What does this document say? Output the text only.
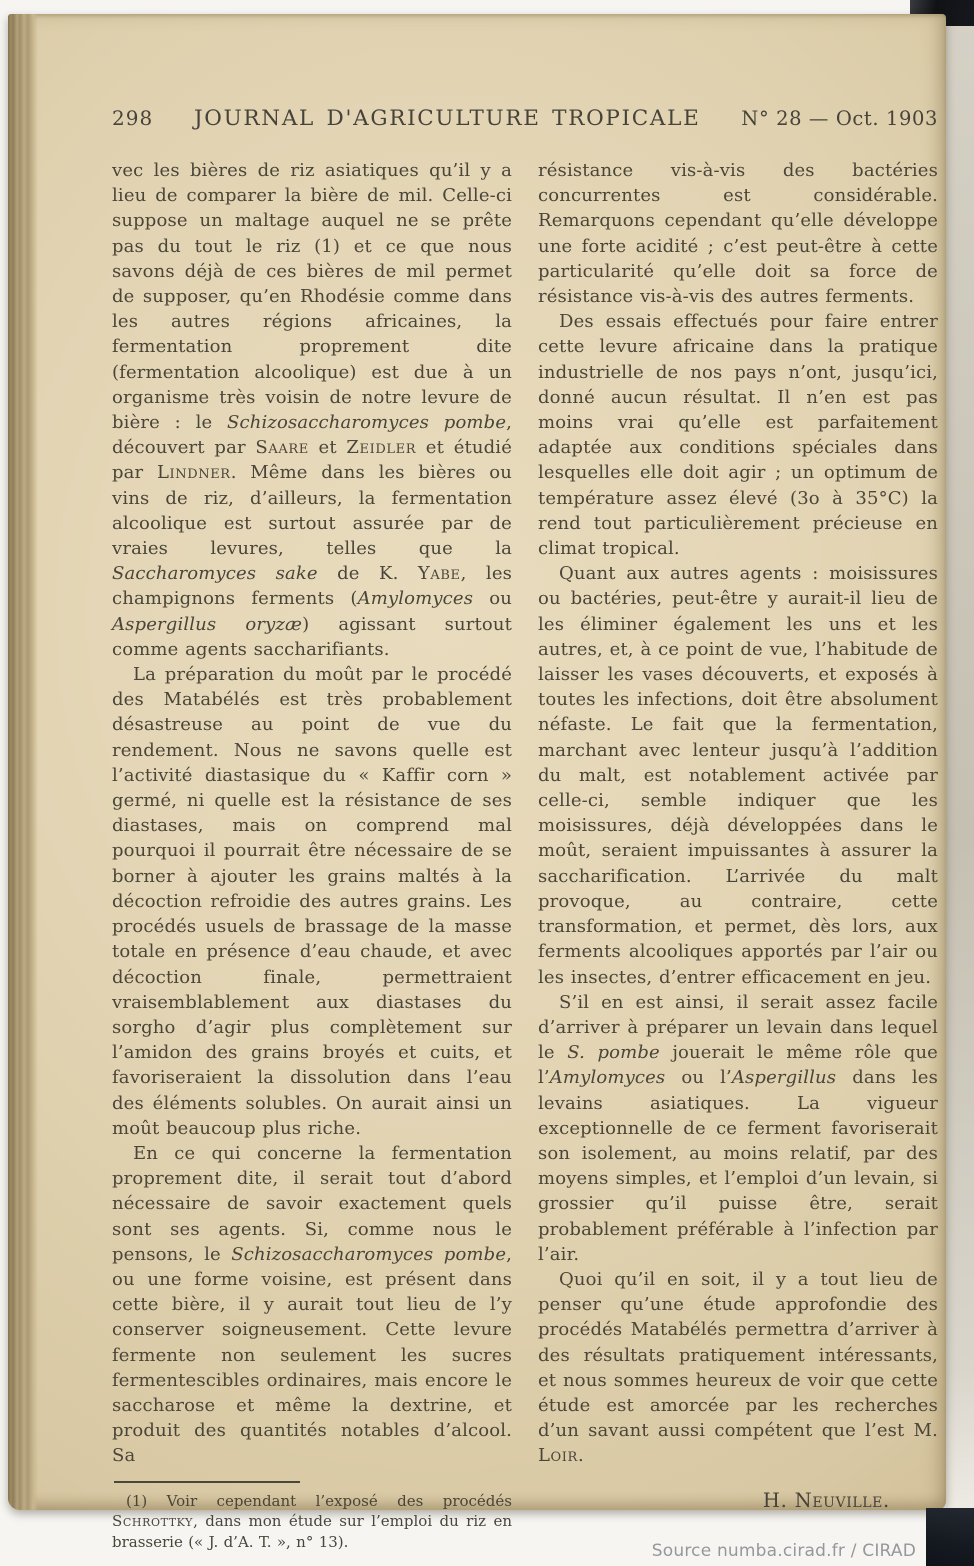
298	JOURNAL D'AGRICULTURE TROPICALE	N° 28 — Oct. 1903

vec les bières de riz asiatiques qu’il y a lieu de comparer la bière de mil. Celle-ci suppose un maltage auquel ne se prête pas du tout le riz (1) et ce que nous savons déjà de ces bières de mil permet de supposer, qu’en Rhodésie comme dans les autres régions africaines, la fermentation proprement dite (fermentation alcoolique) est due à un organisme très voisin de notre levure de bière : le Schizosaccharomyces pombe, découvert par Saare et Zeidler et étudié par Lindner. Même dans les bières ou vins de riz, d’ailleurs, la fermentation alcoolique est surtout assurée par de vraies levures, telles que la Saccharomyces sake de K. Yabe, les champignons ferments (Amylomyces ou Aspergillus oryzæ) agissant surtout comme agents saccharifiants.

La préparation du moût par le procédé des Matabélés est très probablement désastreuse au point de vue du rendement. Nous ne savons quelle est l’activité diastasique du « Kaffir corn » germé, ni quelle est la résistance de ses diastases, mais on comprend mal pourquoi il pourrait être nécessaire de se borner à ajouter les grains maltés à la décoction refroidie des autres grains. Les procédés usuels de brassage de la masse totale en présence d’eau chaude, et avec décoction finale, permettraient vraisemblablement aux diastases du sorgho d’agir plus complètement sur l’amidon des grains broyés et cuits, et favoriseraient la dissolution dans l’eau des éléments solubles. On aurait ainsi un moût beaucoup plus riche.

En ce qui concerne la fermentation proprement dite, il serait tout d’abord nécessaire de savoir exactement quels sont ses agents. Si, comme nous le pensons, le Schizosaccharomyces pombe, ou une forme voisine, est présent dans cette bière, il y aurait tout lieu de l’y conserver soigneusement. Cette levure fermente non seulement les sucres fermentescibles ordinaires, mais encore le saccharose et même la dextrine, et produit des quantités notables d’alcool. Sa

(1) Voir cependant l’exposé des procédés Schrottky, dans mon étude sur l’emploi du riz en brasserie (« J. d’A. T. », n° 13).

résistance vis-à-vis des bactéries concurrentes est considérable. Remarquons cependant qu’elle développe une forte acidité ; c’est peut-être à cette particularité qu’elle doit sa force de résistance vis-à-vis des autres ferments.

Des essais effectués pour faire entrer cette levure africaine dans la pratique industrielle de nos pays n’ont, jusqu’ici, donné aucun résultat. Il n’en est pas moins vrai qu’elle est parfaitement adaptée aux conditions spéciales dans lesquelles elle doit agir ; un optimum de température assez élevé (3o à 35°C) la rend tout particulièrement précieuse en climat tropical.

Quant aux autres agents : moisissures ou bactéries, peut-être y aurait-il lieu de les éliminer également les uns et les autres, et, à ce point de vue, l’habitude de laisser les vases découverts, et exposés à toutes les infections, doit être absolument néfaste. Le fait que la fermentation, marchant avec lenteur jusqu’à l’addition du malt, est notablement activée par celle-ci, semble indiquer que les moisissures, déjà développées dans le moût, seraient impuissantes à assurer la saccharification. L’arrivée du malt provoque, au contraire, cette transformation, et permet, dès lors, aux ferments alcooliques apportés par l’air ou les insectes, d’entrer efficacement en jeu.

S’il en est ainsi, il serait assez facile d’arriver à préparer un levain dans lequel le S. pombe jouerait le même rôle que l’Amylomyces ou l’Aspergillus dans les levains asiatiques. La vigueur exceptionnelle de ce ferment favoriserait son isolement, au moins relatif, par des moyens simples, et l’emploi d’un levain, si grossier qu’il puisse être, serait probablement préférable à l’infection par l’air.

Quoi qu’il en soit, il y a tout lieu de penser qu’une étude approfondie des procédés Matabélés permettra d’arriver à des résultats pratiquement intéressants, et nous sommes heureux de voir que cette étude est amorcée par les recherches d’un savant aussi compétent que l’est M. Loir.

H. Neuville.
Source numba.cirad.fr / CIRAD
